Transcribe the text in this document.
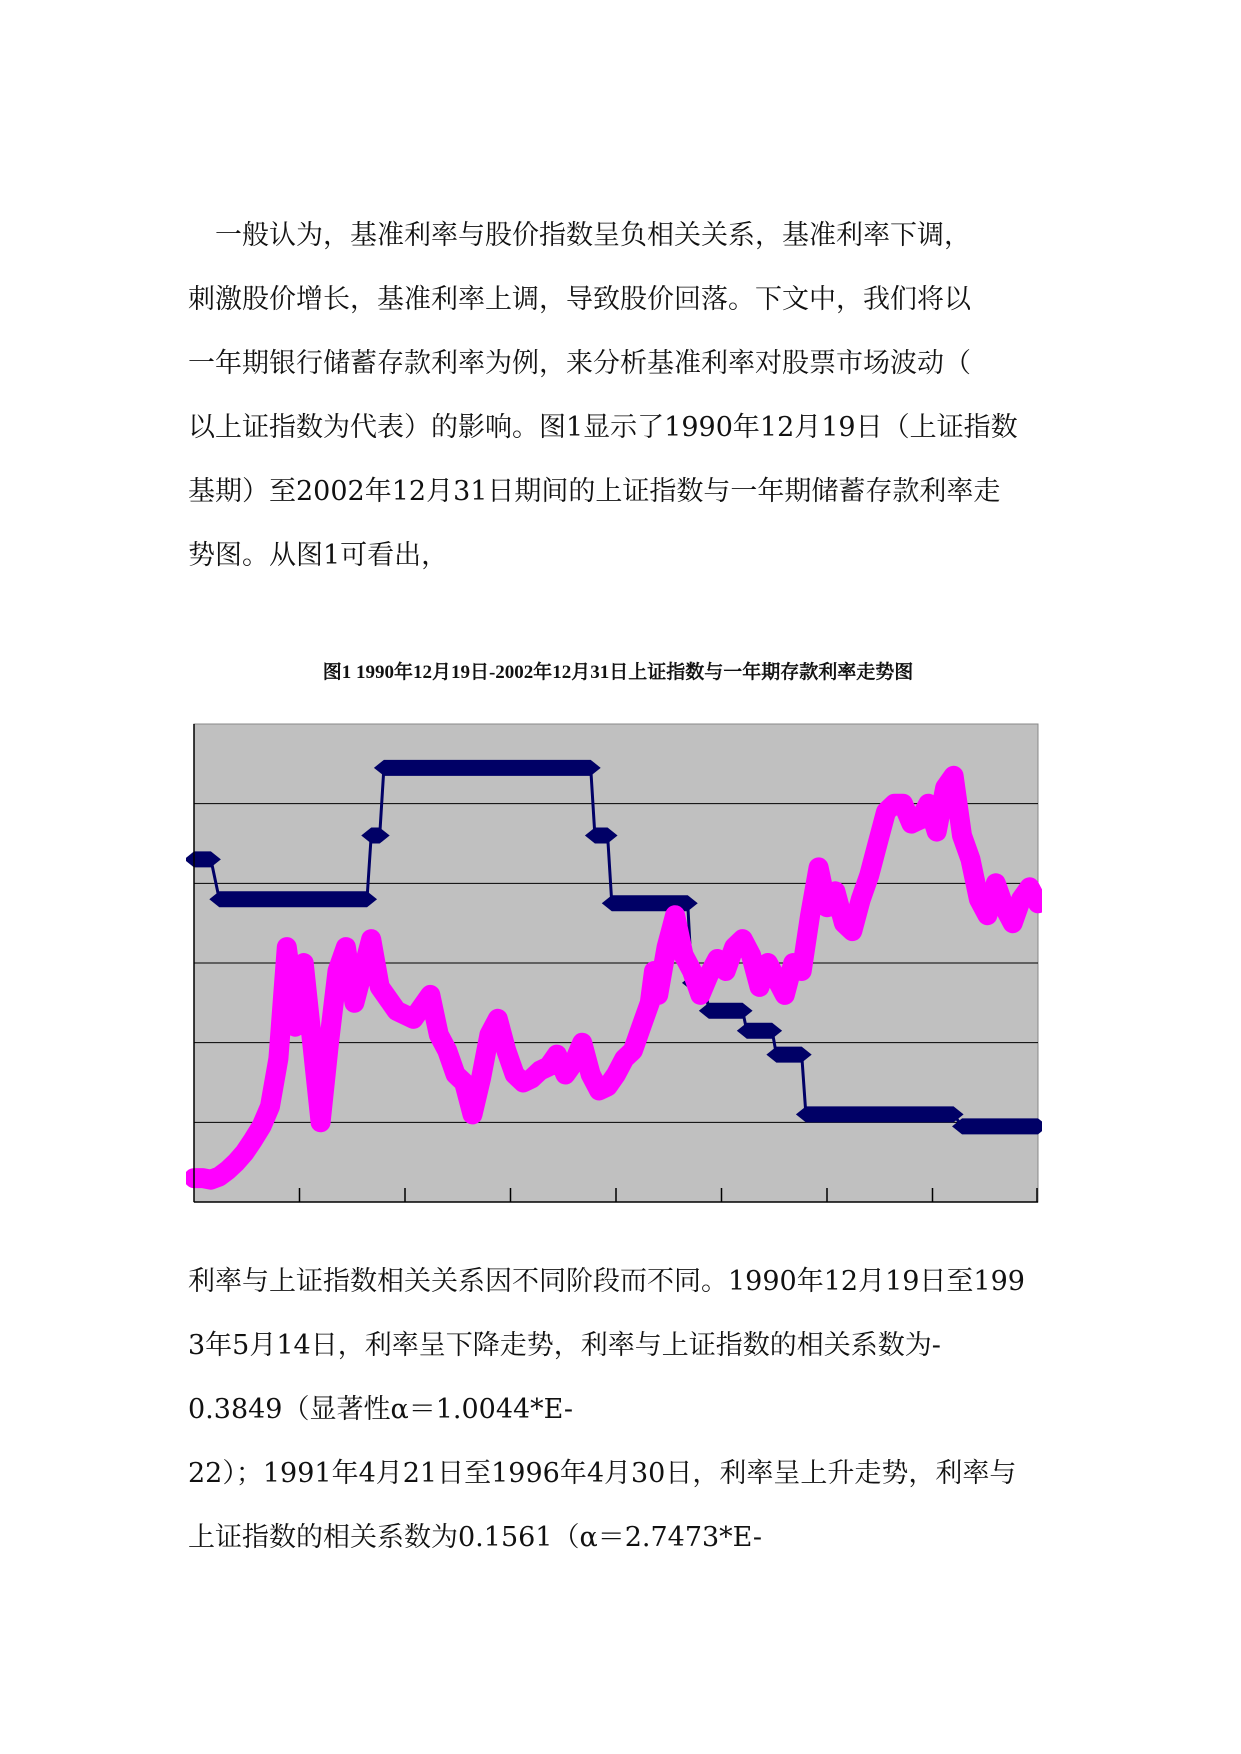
　一般认为，基准利率与股价指数呈负相关关系，基准利率下调，
刺激股价增长，基准利率上调，导致股价回落。下文中，我们将以
一年期银行储蓄存款利率为例，来分析基准利率对股票市场波动（
以上证指数为代表）的影响。图1显示了1990年12月19日（上证指数
基期）至2002年12月31日期间的上证指数与一年期储蓄存款利率走
势图。从图1可看出，
图1 1990年12月19日-2002年12月31日上证指数与一年期存款利率走势图
利率与上证指数相关关系因不同阶段而不同。1990年12月19日至199
3年5月14日，利率呈下降走势，利率与上证指数的相关系数为-
0.3849（显著性α＝1.0044*E-
22）；1991年4月21日至1996年4月30日，利率呈上升走势，利率与
上证指数的相关系数为0.1561（α＝2.7473*E-
